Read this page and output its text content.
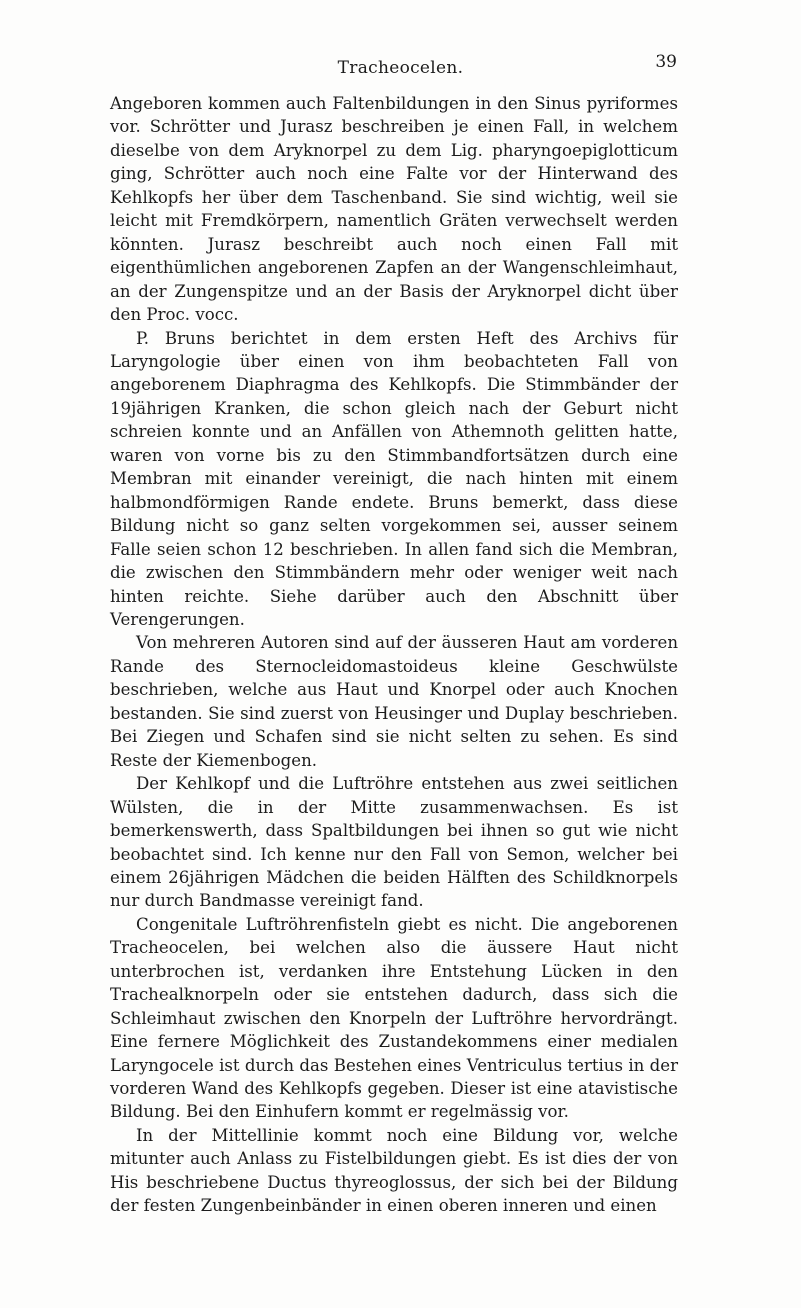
Tracheocelen.	39

Angeboren kommen auch Faltenbildungen in den Sinus pyriformes vor. Schrötter und Jurasz beschreiben je einen Fall, in welchem dieselbe von dem Aryknorpel zu dem Lig. pharyngoepiglotticum ging, Schrötter auch noch eine Falte vor der Hinterwand des Kehlkopfs her über dem Taschenband. Sie sind wichtig, weil sie leicht mit Fremdkörpern, namentlich Gräten verwechselt werden könnten. Jurasz beschreibt auch noch einen Fall mit eigenthümlichen angeborenen Zapfen an der Wangenschleimhaut, an der Zungenspitze und an der Basis der Aryknorpel dicht über den Proc. vocc.

P. Bruns berichtet in dem ersten Heft des Archivs für Laryngologie über einen von ihm beobachteten Fall von angeborenem Diaphragma des Kehlkopfs. Die Stimmbänder der 19jährigen Kranken, die schon gleich nach der Geburt nicht schreien konnte und an Anfällen von Athemnoth gelitten hatte, waren von vorne bis zu den Stimmbandfortsätzen durch eine Membran mit einander vereinigt, die nach hinten mit einem halbmondförmigen Rande endete. Bruns bemerkt, dass diese Bildung nicht so ganz selten vorgekommen sei, ausser seinem Falle seien schon 12 beschrieben. In allen fand sich die Membran, die zwischen den Stimmbändern mehr oder weniger weit nach hinten reichte. Siehe darüber auch den Abschnitt über Verengerungen.

Von mehreren Autoren sind auf der äusseren Haut am vorderen Rande des Sternocleidomastoideus kleine Geschwülste beschrieben, welche aus Haut und Knorpel oder auch Knochen bestanden. Sie sind zuerst von Heusinger und Duplay beschrieben. Bei Ziegen und Schafen sind sie nicht selten zu sehen. Es sind Reste der Kiemenbogen.

Der Kehlkopf und die Luftröhre entstehen aus zwei seitlichen Wülsten, die in der Mitte zusammenwachsen. Es ist bemerkenswerth, dass Spaltbildungen bei ihnen so gut wie nicht beobachtet sind. Ich kenne nur den Fall von Semon, welcher bei einem 26jährigen Mädchen die beiden Hälften des Schildknorpels nur durch Bandmasse vereinigt fand.

Congenitale Luftröhrenfisteln giebt es nicht. Die angeborenen Tracheocelen, bei welchen also die äussere Haut nicht unterbrochen ist, verdanken ihre Entstehung Lücken in den Trachealknorpeln oder sie entstehen dadurch, dass sich die Schleimhaut zwischen den Knorpeln der Luftröhre hervordrängt. Eine fernere Möglichkeit des Zustandekommens einer medialen Laryngocele ist durch das Bestehen eines Ventriculus tertius in der vorderen Wand des Kehlkopfs gegeben. Dieser ist eine atavistische Bildung. Bei den Einhufern kommt er regelmässig vor.

In der Mittellinie kommt noch eine Bildung vor, welche mitunter auch Anlass zu Fistelbildungen giebt. Es ist dies der von His beschriebene Ductus thyreoglossus, der sich bei der Bildung der festen Zungenbeinbänder in einen oberen inneren und einen
